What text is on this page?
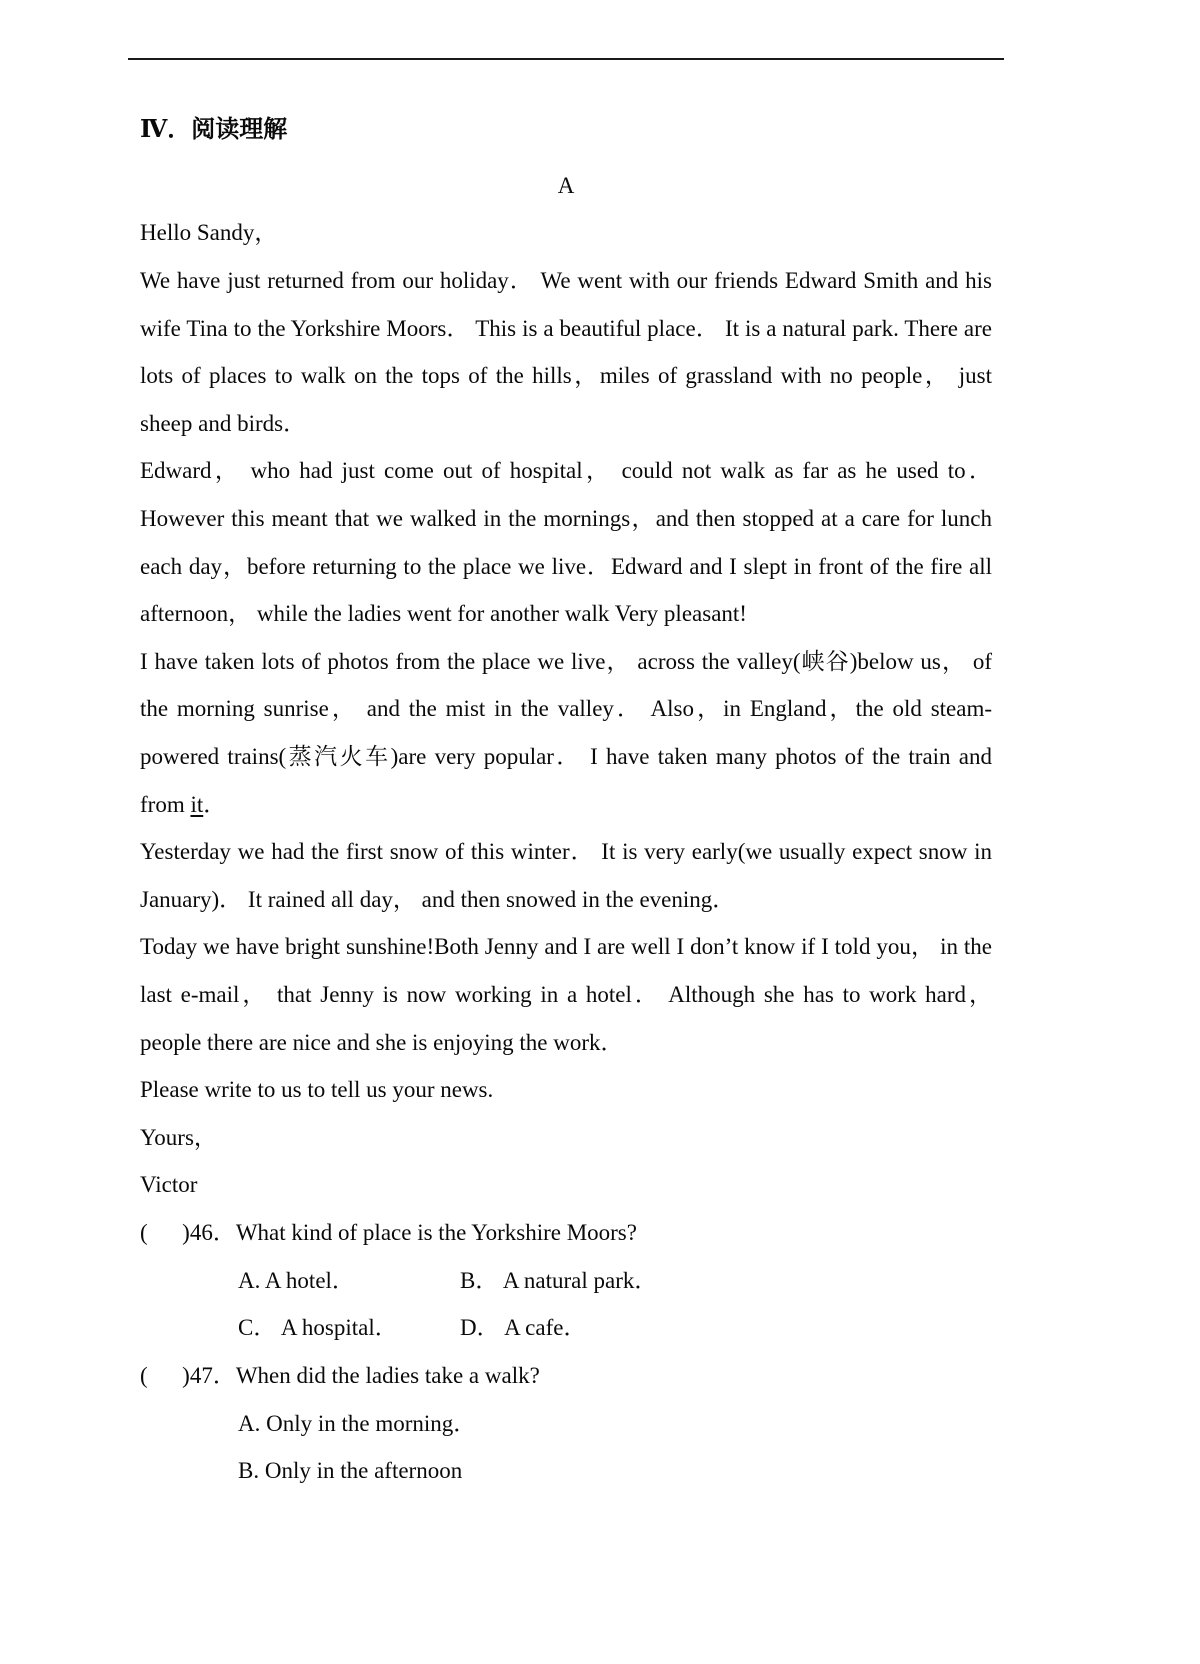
Ⅳ．阅读理解

A

Hello Sandy，

We have just returned from our holiday． We went with our friends Edward Smith and his wife Tina to the Yorkshire Moors． This is a beautiful place． It is a natural park. There are lots of places to walk on the tops of the hills，miles of grassland with no people， just sheep and birds．

Edward， who had just come out of hospital， could not walk as far as he used to． However this meant that we walked in the mornings，and then stopped at a care for lunch each day，before returning to the place we live．Edward and I slept in front of the fire all afternoon， while the ladies went for another walk Very pleasant!

I have taken lots of photos from the place we live， across the valley(峡谷)below us， of the morning sunrise， and the mist in the valley． Also，in England，the old steam-powered trains(蒸汽火车)are very popular． I have taken many photos of the train and from it．

Yesterday we had the first snow of this winter． It is very early(we usually expect snow in January)． It rained all day， and then snowed in the evening．

Today we have bright sunshine!Both Jenny and I are well I don’t know if I told you， in the last e-mail， that Jenny is now working in a hotel． Although she has to work hard， people there are nice and she is enjoying the work．

Please write to us to tell us your news.

Yours，

Victor

(      )46．What kind of place is the Yorkshire Moors?

A. A hotel．	B． A natural park．
C． A hospital．	D． A cafe．

(      )47．When did the ladies take a walk?

A. Only in the morning．
B. Only in the afternoon
